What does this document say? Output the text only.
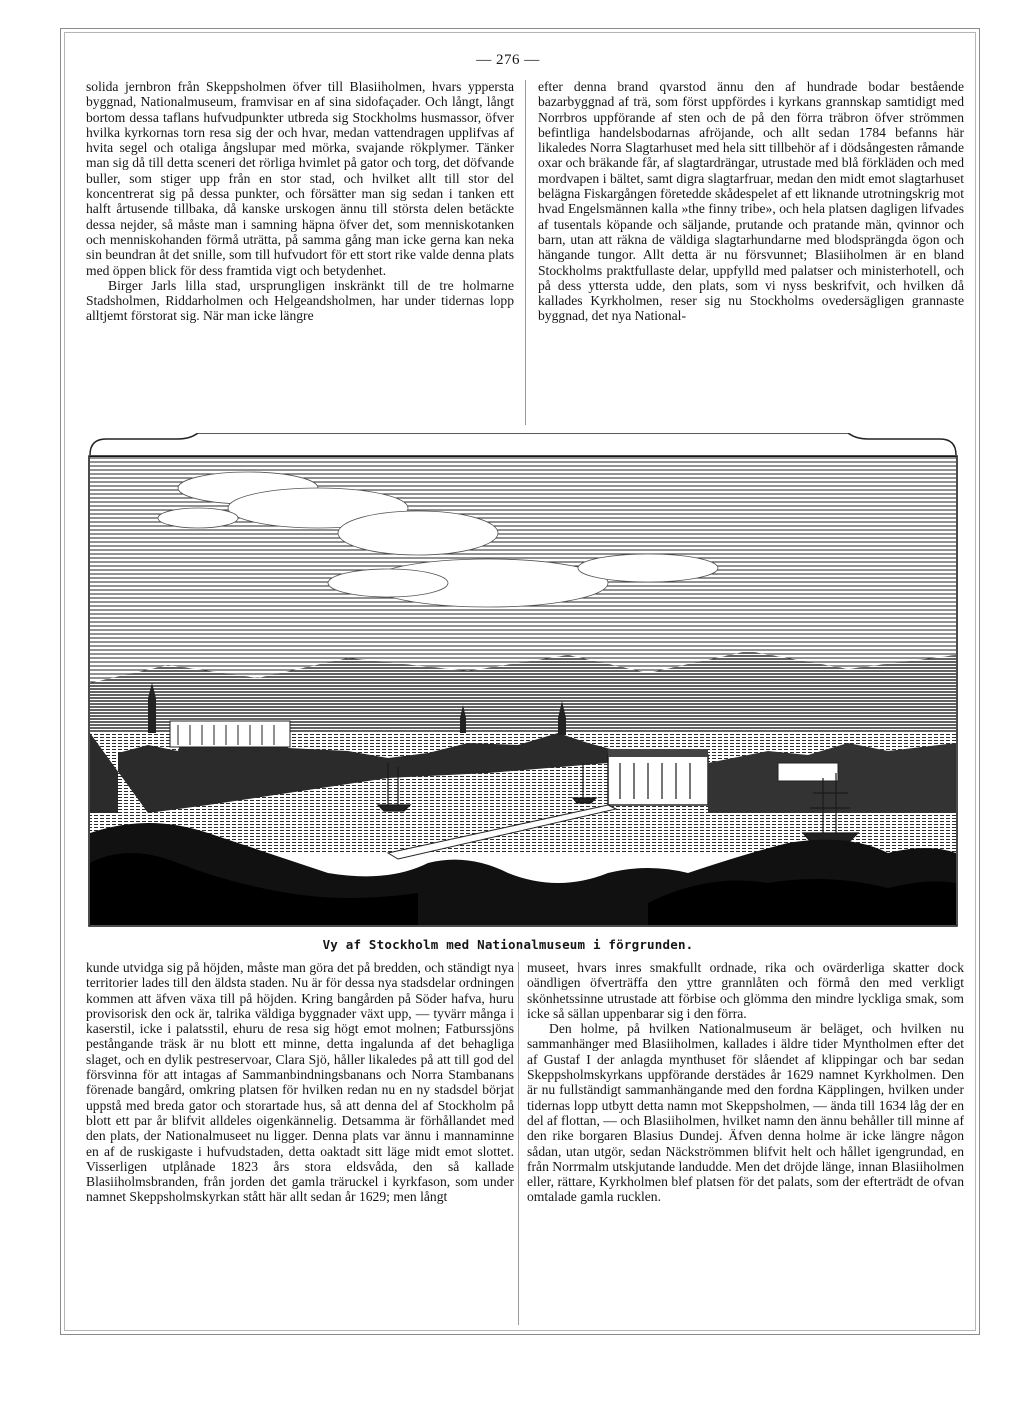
— 276 —

solida jernbron från Skeppsholmen öfver till Blasiiholmen, hvars yppersta byggnad, Nationalmuseum, framvisar en af sina sidofaçader. Och långt, långt bortom dessa taflans hufvudpunkter utbreda sig Stockholms husmassor, öfver hvilka kyrkornas torn resa sig der och hvar, medan vattendragen upplifvas af hvita segel och otaliga ångslupar med mörka, svajande rökplymer. Tänker man sig då till detta sceneri det rörliga hvimlet på gator och torg, det döfvande buller, som stiger upp från en stor stad, och hvilket allt till stor del koncentrerat sig på dessa punkter, och försätter man sig sedan i tanken ett halft årtusende tillbaka, då kanske urskogen ännu till största delen betäckte dessa nejder, så måste man i samning häpna öfver det, som menniskotanken och menniskohanden förmå uträtta, på samma gång man icke gerna kan neka sin beundran åt det snille, som till hufvudort för ett stort rike valde denna plats med öppen blick för dess framtida vigt och betydenhet.

Birger Jarls lilla stad, ursprungligen inskränkt till de tre holmarne Stadsholmen, Riddarholmen och Helgeandsholmen, har under tidernas lopp alltjemt förstorat sig. När man icke längre

efter denna brand qvarstod ännu den af hundrade bodar bestående bazarbyggnad af trä, som först uppfördes i kyrkans grannskap samtidigt med Norrbros uppförande af sten och de på den förra träbron öfver strömmen befintliga handelsbodarnas afröjande, och allt sedan 1784 befanns här likaledes Norra Slagtarhuset med hela sitt tillbehör af i dödsångesten råmande oxar och bräkande får, af slagtardrängar, utrustade med blå förkläden och med mordvapen i bältet, samt digra slagtarfruar, medan den midt emot slagtarhuset belägna Fiskargången företedde skådespelet af ett liknande utrotningskrig mot hvad Engelsmännen kalla »the finny tribe», och hela platsen dagligen lifvades af tusentals köpande och säljande, prutande och pratande män, qvinnor och barn, utan att räkna de väldiga slagtarhundarne med blodsprängda ögon och hängande tungor. Allt detta är nu försvunnet; Blasiiholmen är en bland Stockholms praktfullaste delar, uppfylld med palatser och ministerhotell, och på dess yttersta udde, den plats, som vi nyss beskrifvit, och hvilken då kallades Kyrkholmen, reser sig nu Stockholms ovedersägligen grannaste byggnad, det nya National-

Vy af Stockholm med Nationalmuseum i förgrunden.

kunde utvidga sig på höjden, måste man göra det på bredden, och ständigt nya territorier lades till den äldsta staden. Nu är för dessa nya stadsdelar ordningen kommen att äfven växa till på höjden. Kring bangården på Söder hafva, huru provisorisk den ock är, talrika väldiga byggnader växt upp, — tyvärr många i kaserstil, icke i palatsstil, ehuru de resa sig högt emot molnen; Fatburssjöns pestångande träsk är nu blott ett minne, detta ingalunda af det behagliga slaget, och en dylik pestreservoar, Clara Sjö, håller likaledes på att till god del försvinna för att intagas af Sammanbindningsbanans och Norra Stambanans förenade bangård, omkring platsen för hvilken redan nu en ny stadsdel börjat uppstå med breda gator och storartade hus, så att denna del af Stockholm på blott ett par år blifvit alldeles oigenkännelig. Detsamma är förhållandet med den plats, der Nationalmuseet nu ligger. Denna plats var ännu i mannaminne en af de ruskigaste i hufvudstaden, detta oaktadt sitt läge midt emot slottet. Visserligen utplånade 1823 års stora eldsvåda, den så kallade Blasiiholmsbranden, från jorden det gamla träruckel i kyrkfason, som under namnet Skeppsholmskyrkan stått här allt sedan år 1629; men långt

museet, hvars inres smakfullt ordnade, rika och ovärderliga skatter dock oändligen öfverträffa den yttre grannlåten och förmå den med verkligt skönhetssinne utrustade att förbise och glömma den mindre lyckliga smak, som icke så sällan uppenbarar sig i den förra.

Den holme, på hvilken Nationalmuseum är beläget, och hvilken nu sammanhänger med Blasiiholmen, kallades i äldre tider Myntholmen efter det af Gustaf I der anlagda mynthuset för slåendet af klippingar och bar sedan Skeppsholmskyrkans uppförande derstädes år 1629 namnet Kyrkholmen. Den är nu fullständigt sammanhängande med den fordna Käpplingen, hvilken under tidernas lopp utbytt detta namn mot Skeppsholmen, — ända till 1634 låg der en del af flottan, — och Blasiiholmen, hvilket namn den ännu behåller till minne af den rike borgaren Blasius Dundej. Äfven denna holme är icke längre någon sådan, utan utgör, sedan Näckströmmen blifvit helt och hållet igengrundad, en från Norrmalm utskjutande landudde. Men det dröjde länge, innan Blasiiholmen eller, rättare, Kyrkholmen blef platsen för det palats, som der efterträdt de ofvan omtalade gamla rucklen.
